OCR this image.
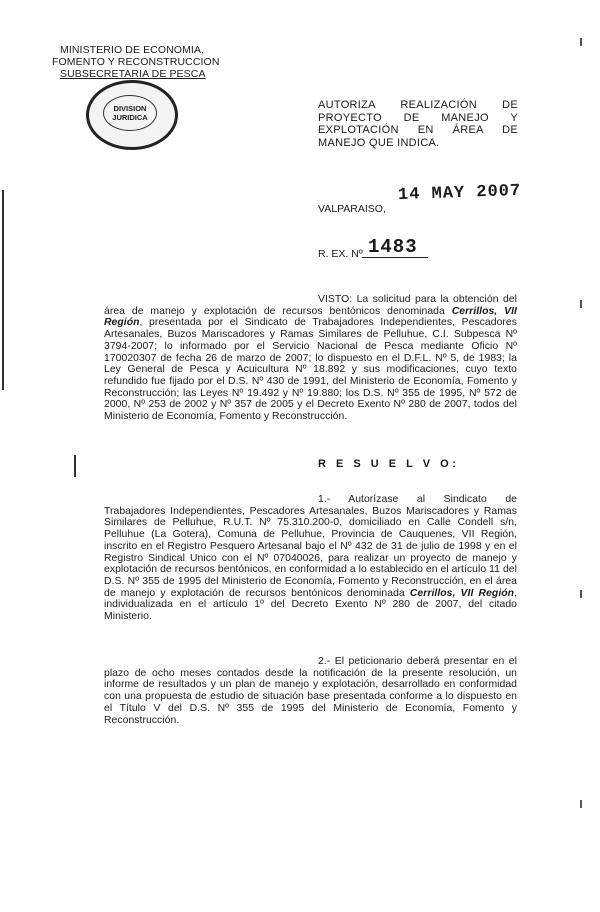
MINISTERIO DE ECONOMIA,
FOMENTO Y RECONSTRUCCION
SUBSECRETARIA DE PESCA
DIVISION
JURIDICA
AUTORIZA REALIZACIÓN DE PROYECTO DE MANEJO Y EXPLOTACIÓN EN ÁREA DE MANEJO QUE INDICA.
VALPARAISO,
14 MAY 2007
R. EX. Nº 1483
VISTO: La solicitud para la obtención del área de manejo y explotación de recursos bentónicos denominada Cerrillos, VII Región, presentada por el Sindicato de Trabajadores Independientes, Pescadores Artesanales, Buzos Mariscadores y Ramas Similares de Pelluhue, C.I. Subpesca Nº 3794-2007; lo informado por el Servicio Nacional de Pesca mediante Oficio Nº 170020307 de fecha 26 de marzo de 2007; lo dispuesto en el D.F.L. Nº 5, de 1983; la Ley General de Pesca y Acuicultura Nº 18.892 y sus modificaciones, cuyo texto refundido fue fijado por el D.S. Nº 430 de 1991, del Ministerio de Economía, Fomento y Reconstrucción; las Leyes Nº 19.492 y Nº 19.880; los D.S. Nº 355 de 1995, Nº 572 de 2000, Nº 253 de 2002 y Nº 357 de 2005 y el Decreto Exento Nº 280 de 2007, todos del Ministerio de Economía, Fomento y Reconstrucción.
R E S U E L V O:
1.- Autorízase al Sindicato de Trabajadores Independientes, Pescadores Artesanales, Buzos Mariscadores y Ramas Similares de Pelluhue, R.U.T. Nº 75.310.200-0, domiciliado en Calle Condell s/n, Pelluhue (La Gotera), Comuna de Pelluhue, Provincia de Cauquenes, VII Región, inscrito en el Registro Pesquero Artesanal bajo el Nº 432 de 31 de julio de 1998 y en el Registro Sindical Unico con el Nº 07040026, para realizar un proyecto de manejo y explotación de recursos bentónicos, en conformidad a lo establecido en el artículo 11 del D.S. Nº 355 de 1995 del Ministerio de Economía, Fomento y Reconstrucción, en el área de manejo y explotación de recursos bentónicos denominada Cerrillos, VII Región, individualizada en el artículo 1º del Decreto Exento Nº 280 de 2007, del citado Ministerio.
2.- El peticionario deberá presentar en el plazo de ocho meses contados desde la notificación de la presente resolución, un informe de resultados y un plan de manejo y explotación, desarrollado en conformidad con una propuesta de estudio de situación base presentada conforme a lo dispuesto en el Título V del D.S. Nº 355 de 1995 del Ministerio de Economía, Fomento y Reconstrucción.
